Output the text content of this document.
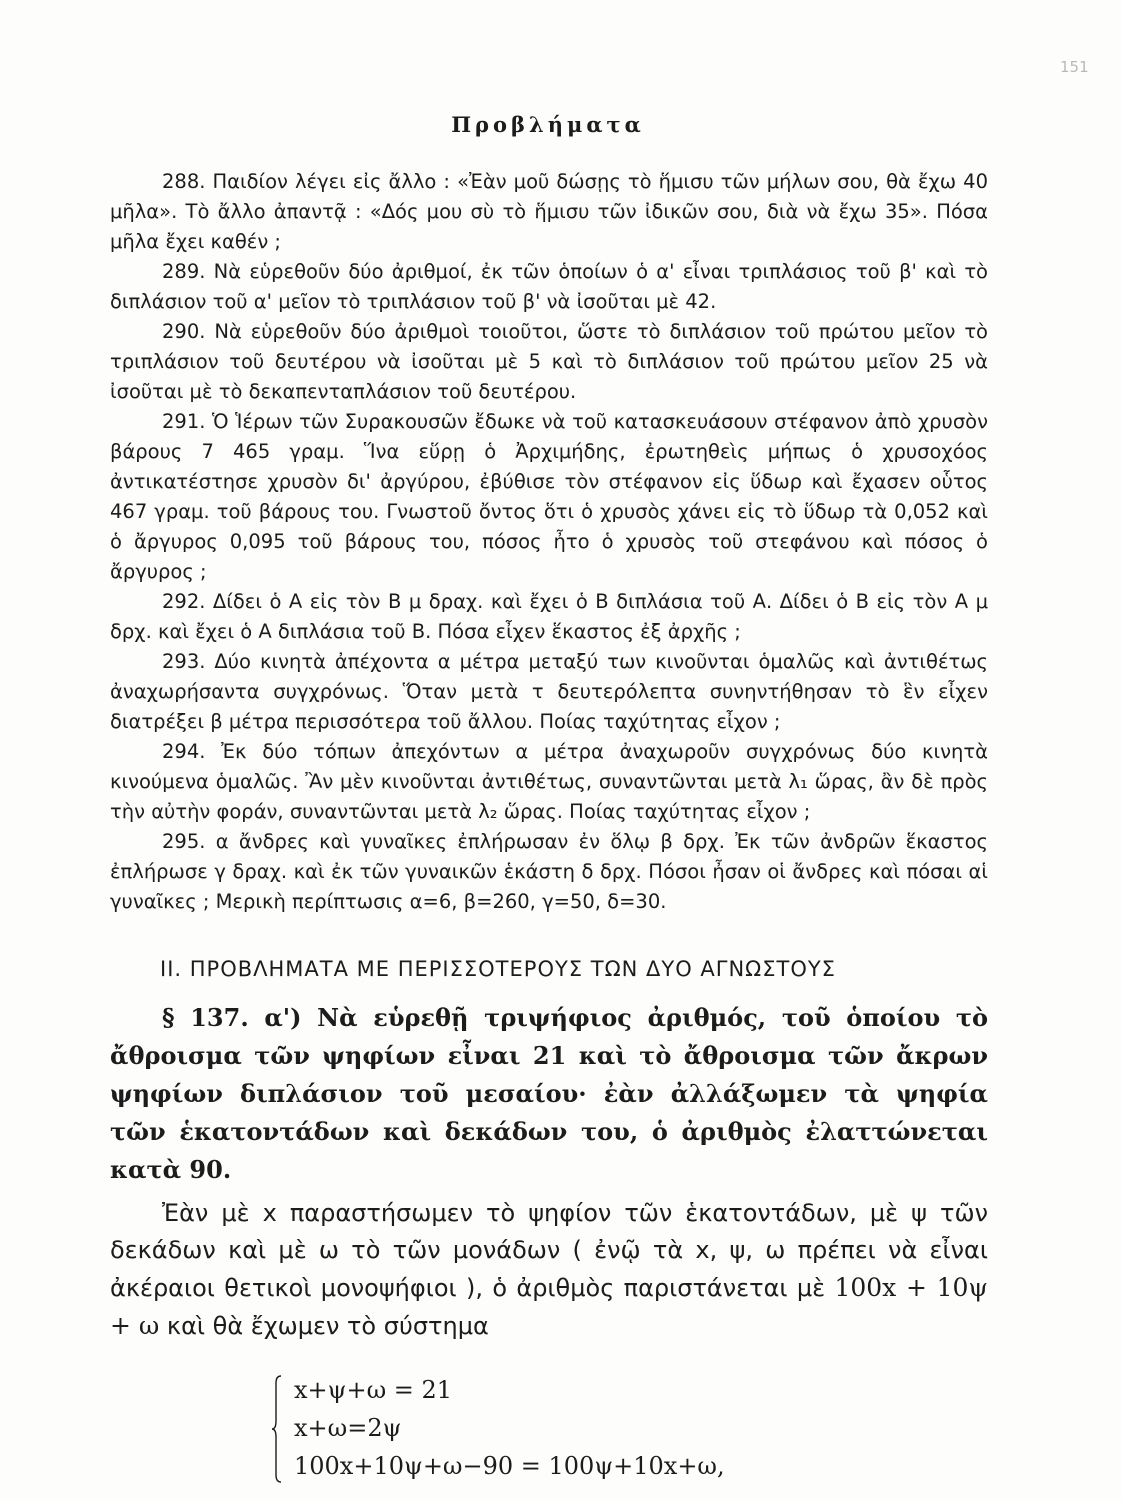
151
Προβλήματα

288. Παιδίον λέγει εἰς ἄλλο : «Ἐὰν μοῦ δώσῃς τὸ ἥμισυ τῶν μήλων σου, θὰ ἔχω 40 μῆλα». Τὸ ἄλλο ἀπαντᾷ : «Δός μου σὺ τὸ ἥμισυ τῶν ἰδικῶν σου, διὰ νὰ ἔχω 35». Πόσα μῆλα ἔχει καθέν ;

289. Νὰ εὑρεθοῦν δύο ἀριθμοί, ἐκ τῶν ὁποίων ὁ α' εἶναι τριπλάσιος τοῦ β' καὶ τὸ διπλάσιον τοῦ α' μεῖον τὸ τριπλάσιον τοῦ β' νὰ ἰσοῦται μὲ 42.

290. Νὰ εὑρεθοῦν δύο ἀριθμοὶ τοιοῦτοι, ὥστε τὸ διπλάσιον τοῦ πρώτου μεῖον τὸ τριπλάσιον τοῦ δευτέρου νὰ ἰσοῦται μὲ 5 καὶ τὸ διπλάσιον τοῦ πρώτου μεῖον 25 νὰ ἰσοῦται μὲ τὸ δεκαπενταπλάσιον τοῦ δευτέρου.

291. Ὁ Ἱέρων τῶν Συρακουσῶν ἔδωκε νὰ τοῦ κατασκευάσουν στέφανον ἀπὸ χρυσὸν βάρους 7 465 γραμ. Ἵνα εὕρῃ ὁ Ἀρχιμήδης, ἐρωτηθεὶς μήπως ὁ χρυσοχόος ἀντικατέστησε χρυσὸν δι' ἀργύρου, ἐβύθισε τὸν στέφανον εἰς ὕδωρ καὶ ἔχασεν οὗτος 467 γραμ. τοῦ βάρους του. Γνωστοῦ ὄντος ὅτι ὁ χρυσὸς χάνει εἰς τὸ ὕδωρ τὰ 0,052 καὶ ὁ ἄργυρος 0,095 τοῦ βάρους του, πόσος ἦτο ὁ χρυσὸς τοῦ στεφάνου καὶ πόσος ὁ ἄργυρος ;

292. Δίδει ὁ Α εἰς τὸν Β μ δραχ. καὶ ἔχει ὁ Β διπλάσια τοῦ Α. Δίδει ὁ Β εἰς τὸν Α μ δρχ. καὶ ἔχει ὁ Α διπλάσια τοῦ Β. Πόσα εἶχεν ἕκαστος ἐξ ἀρχῆς ;

293. Δύο κινητὰ ἀπέχοντα α μέτρα μεταξύ των κινοῦνται ὁμαλῶς καὶ ἀντιθέτως ἀναχωρήσαντα συγχρόνως. Ὅταν μετὰ τ δευτερόλεπτα συνηντήθησαν τὸ ἓν εἶχεν διατρέξει β μέτρα περισσότερα τοῦ ἄλλου. Ποίας ταχύτητας εἶχον ;

294. Ἐκ δύο τόπων ἀπεχόντων α μέτρα ἀναχωροῦν συγχρόνως δύο κινητὰ κινούμενα ὁμαλῶς. Ἂν μὲν κινοῦνται ἀντιθέτως, συναντῶνται μετὰ λ₁ ὥρας, ἂν δὲ πρὸς τὴν αὐτὴν φοράν, συναντῶνται μετὰ λ₂ ὥρας. Ποίας ταχύτητας εἶχον ;

295. α ἄνδρες καὶ γυναῖκες ἐπλήρωσαν ἐν ὅλῳ β δρχ. Ἐκ τῶν ἀνδρῶν ἕκαστος ἐπλήρωσε γ δραχ. καὶ ἐκ τῶν γυναικῶν ἑκάστη δ δρχ. Πόσοι ἦσαν οἱ ἄνδρες καὶ πόσαι αἱ γυναῖκες ; Μερικὴ περίπτωσις α=6, β=260, γ=50, δ=30.

ΙΙ. ΠΡΟΒΛΗΜΑΤΑ ΜΕ ΠΕΡΙΣΣΟΤΕΡΟΥΣ ΤΩΝ ΔΥΟ ΑΓΝΩΣΤΟΥΣ

§ 137. α') Νὰ εὑρεθῇ τριψήφιος ἀριθμός, τοῦ ὁποίου τὸ ἄθροισμα τῶν ψηφίων εἶναι 21 καὶ τὸ ἄθροισμα τῶν ἄκρων ψηφίων διπλάσιον τοῦ μεσαίου· ἐὰν ἀλλάξωμεν τὰ ψηφία τῶν ἑκατοντάδων καὶ δεκάδων του, ὁ ἀριθμὸς ἐλαττώνεται κατὰ 90.

Ἐὰν μὲ x παραστήσωμεν τὸ ψηφίον τῶν ἑκατοντάδων, μὲ ψ τῶν δεκάδων καὶ μὲ ω τὸ τῶν μονάδων ( ἐνῷ τὰ x, ψ, ω πρέπει νὰ εἶναι ἀκέραιοι θετικοὶ μονοψήφιοι ), ὁ ἀριθμὸς παριστάνεται μὲ 100x + 10ψ + ω καὶ θὰ ἔχωμεν τὸ σύστημα

x+ψ+ω = 21
x+ω=2ψ
100x+10ψ+ω−90 = 100ψ+10x+ω,
